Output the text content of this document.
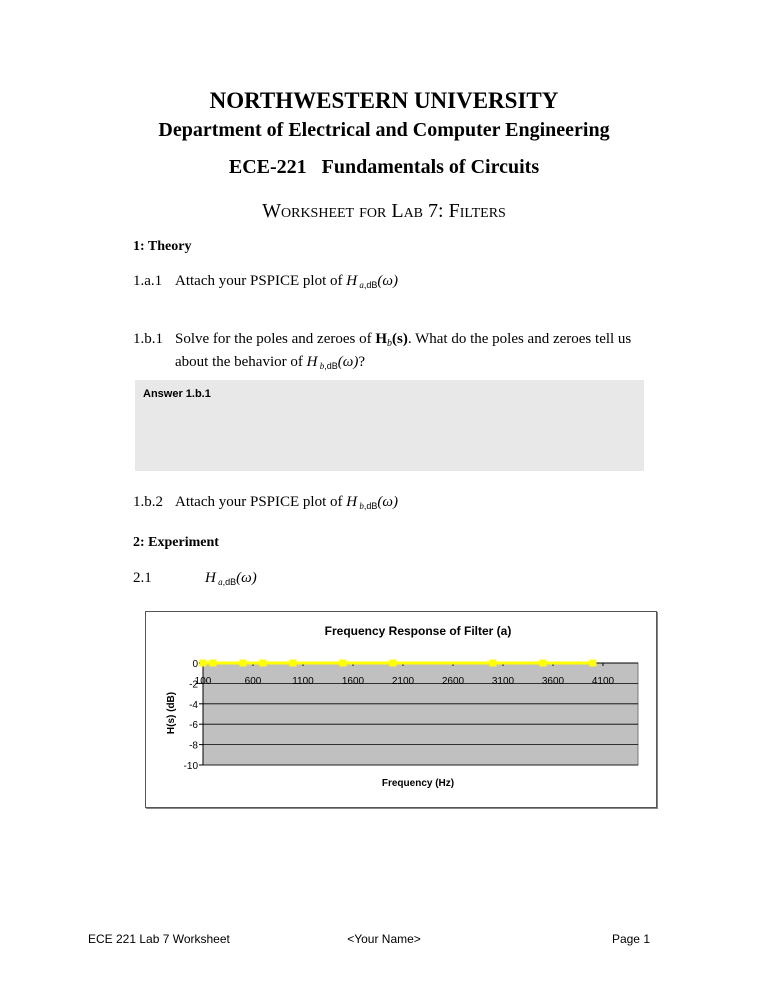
NORTHWESTERN UNIVERSITY
Department of Electrical and Computer Engineering
ECE-221   Fundamentals of Circuits
Worksheet for Lab 7: Filters
1: Theory
1.a.1 Attach your PSPICE plot of H $_{a,dB}$(ω)
1.b.1 Solve for the poles and zeroes of $H_b(s)$. What do the poles and zeroes tell us
about the behavior of H $_{b,dB}$(ω)?
Answer 1.b.1
1.b.2 Attach your PSPICE plot of H $_{b,dB}$(ω)
2: Experiment
2.1	H $_{a,dB}$(ω)
Frequency Response of Filter (a)
Frequency (Hz)
H(s) (dB)
0
-2
-4
-6
-8
-10
100	600	1100	1600	2100	2600	3100	3600	4100
ECE 221 Lab 7 Worksheet	<Your Name>	Page 1
